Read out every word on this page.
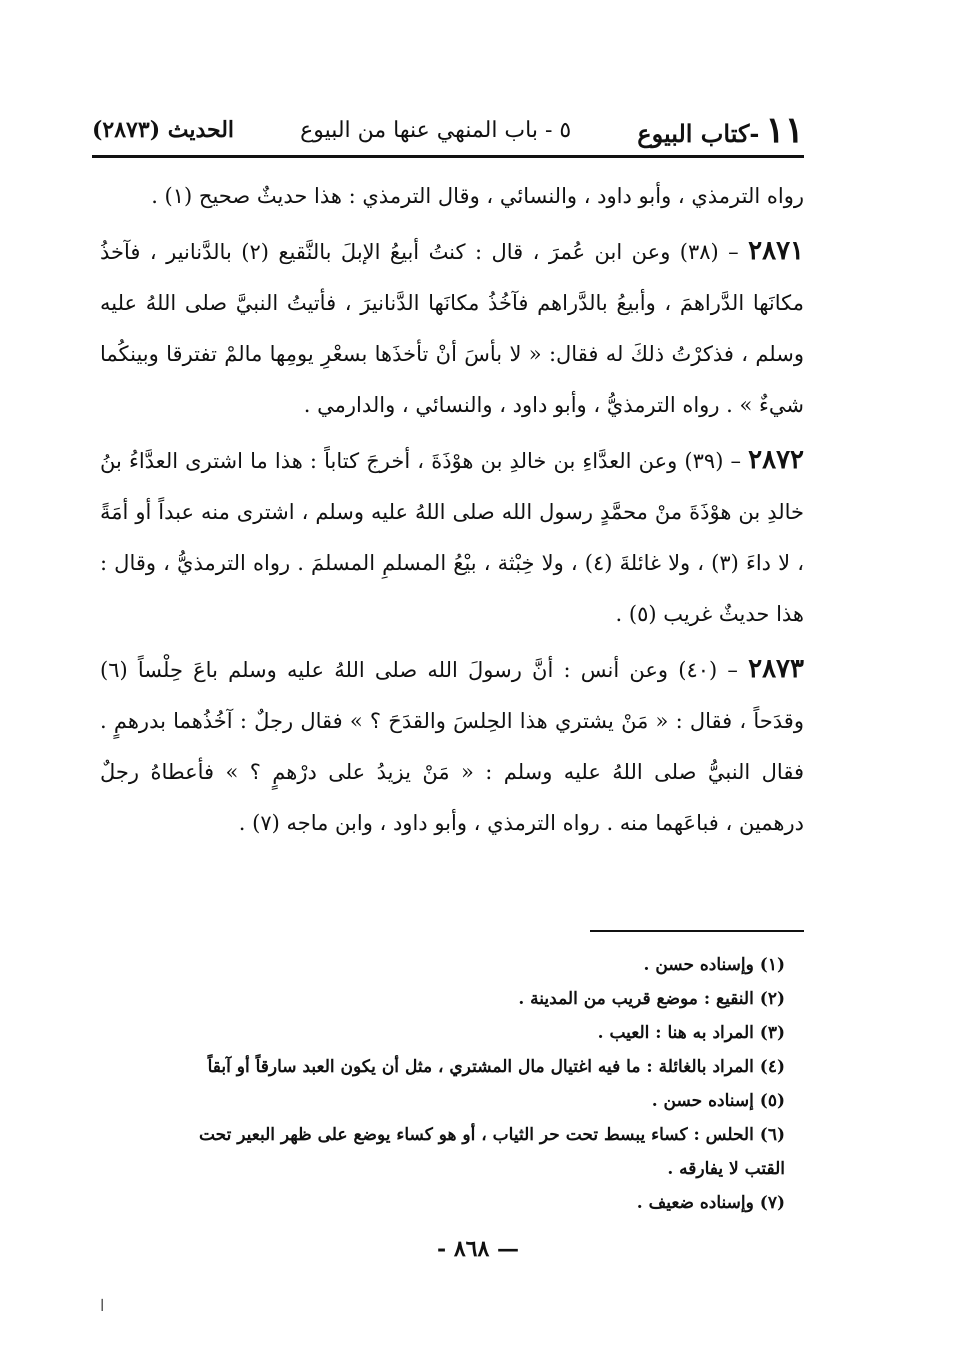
١١-كتاب البيوع
٥ - باب المنهي عنها من البيوع
الحديث (٢٨٧٣)

رواه الترمذي ، وأبو داود ، والنسائي ، وقال الترمذي : هذا حديثٌ صحيح (١) .

٢٨٧١ – (٣٨) وعن ابن عُمرَ ، قال : كنتُ أبيعُ الإبلَ بالنَّقيع (٢) بالدَّنانير ، فآخذُ مكانَها الدَّراهمَ ، وأبيعُ بالدَّراهم فآخُذُ مكانَها الدَّنانيرَ ، فأتيتُ النبيَّ صلى اللهُ عليه وسلم ، فذكرْتُ ذلكَ له فقال: « لا بأسَ أنْ تأخذَها بسعْرِ يومِها مالمْ تفترقا وبينكُما شيءٌ » . رواه الترمذيُّ ، وأبو داود ، والنسائي ، والدارمي .

٢٨٧٢ – (٣٩) وعن العدَّاءِ بن خالدِ بن هوْذَةَ ، أخرجَ كتاباً : هذا ما اشترى العدَّاءُ بنُ خالدِ بن هوْذَةَ منْ محمَّدٍ رسول الله صلى اللهُ عليه وسلم ، اشترى منه عبداً أو أمَةً ، لا داءَ (٣) ، ولا غائلةَ (٤) ، ولا خِبْثة ، بيْعُ المسلمِ المسلمَ . رواه الترمذيُّ ، وقال : هذا حديثٌ غريب (٥) .

٢٨٧٣ – (٤٠) وعن أنس : أنَّ رسولَ الله صلى اللهُ عليه وسلم باعَ حِلْساً (٦) وقدَحاً ، فقال : « مَنْ يشتري هذا الحِلسَ والقدَحَ ؟ » فقال رجلٌ : آخُذُهما بدرهمٍ . فقال النبيُّ صلى اللهُ عليه وسلم : « مَنْ يزيدُ على درْهمٍ ؟ » فأعطاهُ رجلٌ درهمين ، فباعَهما منه . رواه الترمذي ، وأبو داود ، وابن ماجه (٧) .

(١) وإسناده حسن .

(٢) النقيع : موضع قريب من المدينة .

(٣) المراد به هنا : العيب .

(٤) المراد بالغائلة : ما فيه اغتيال مال المشتري ، مثل أن يكون العبد سارقاً أو آبقاً

(٥) إسناده حسن .

(٦) الحلس : كساء يبسط تحت حر الثياب ، أو هو كساء يوضع على ظهر البعير تحت

القتب لا يفارقه .

(٧) وإسناده ضعيف .

— ٨٦٨ -
ا
